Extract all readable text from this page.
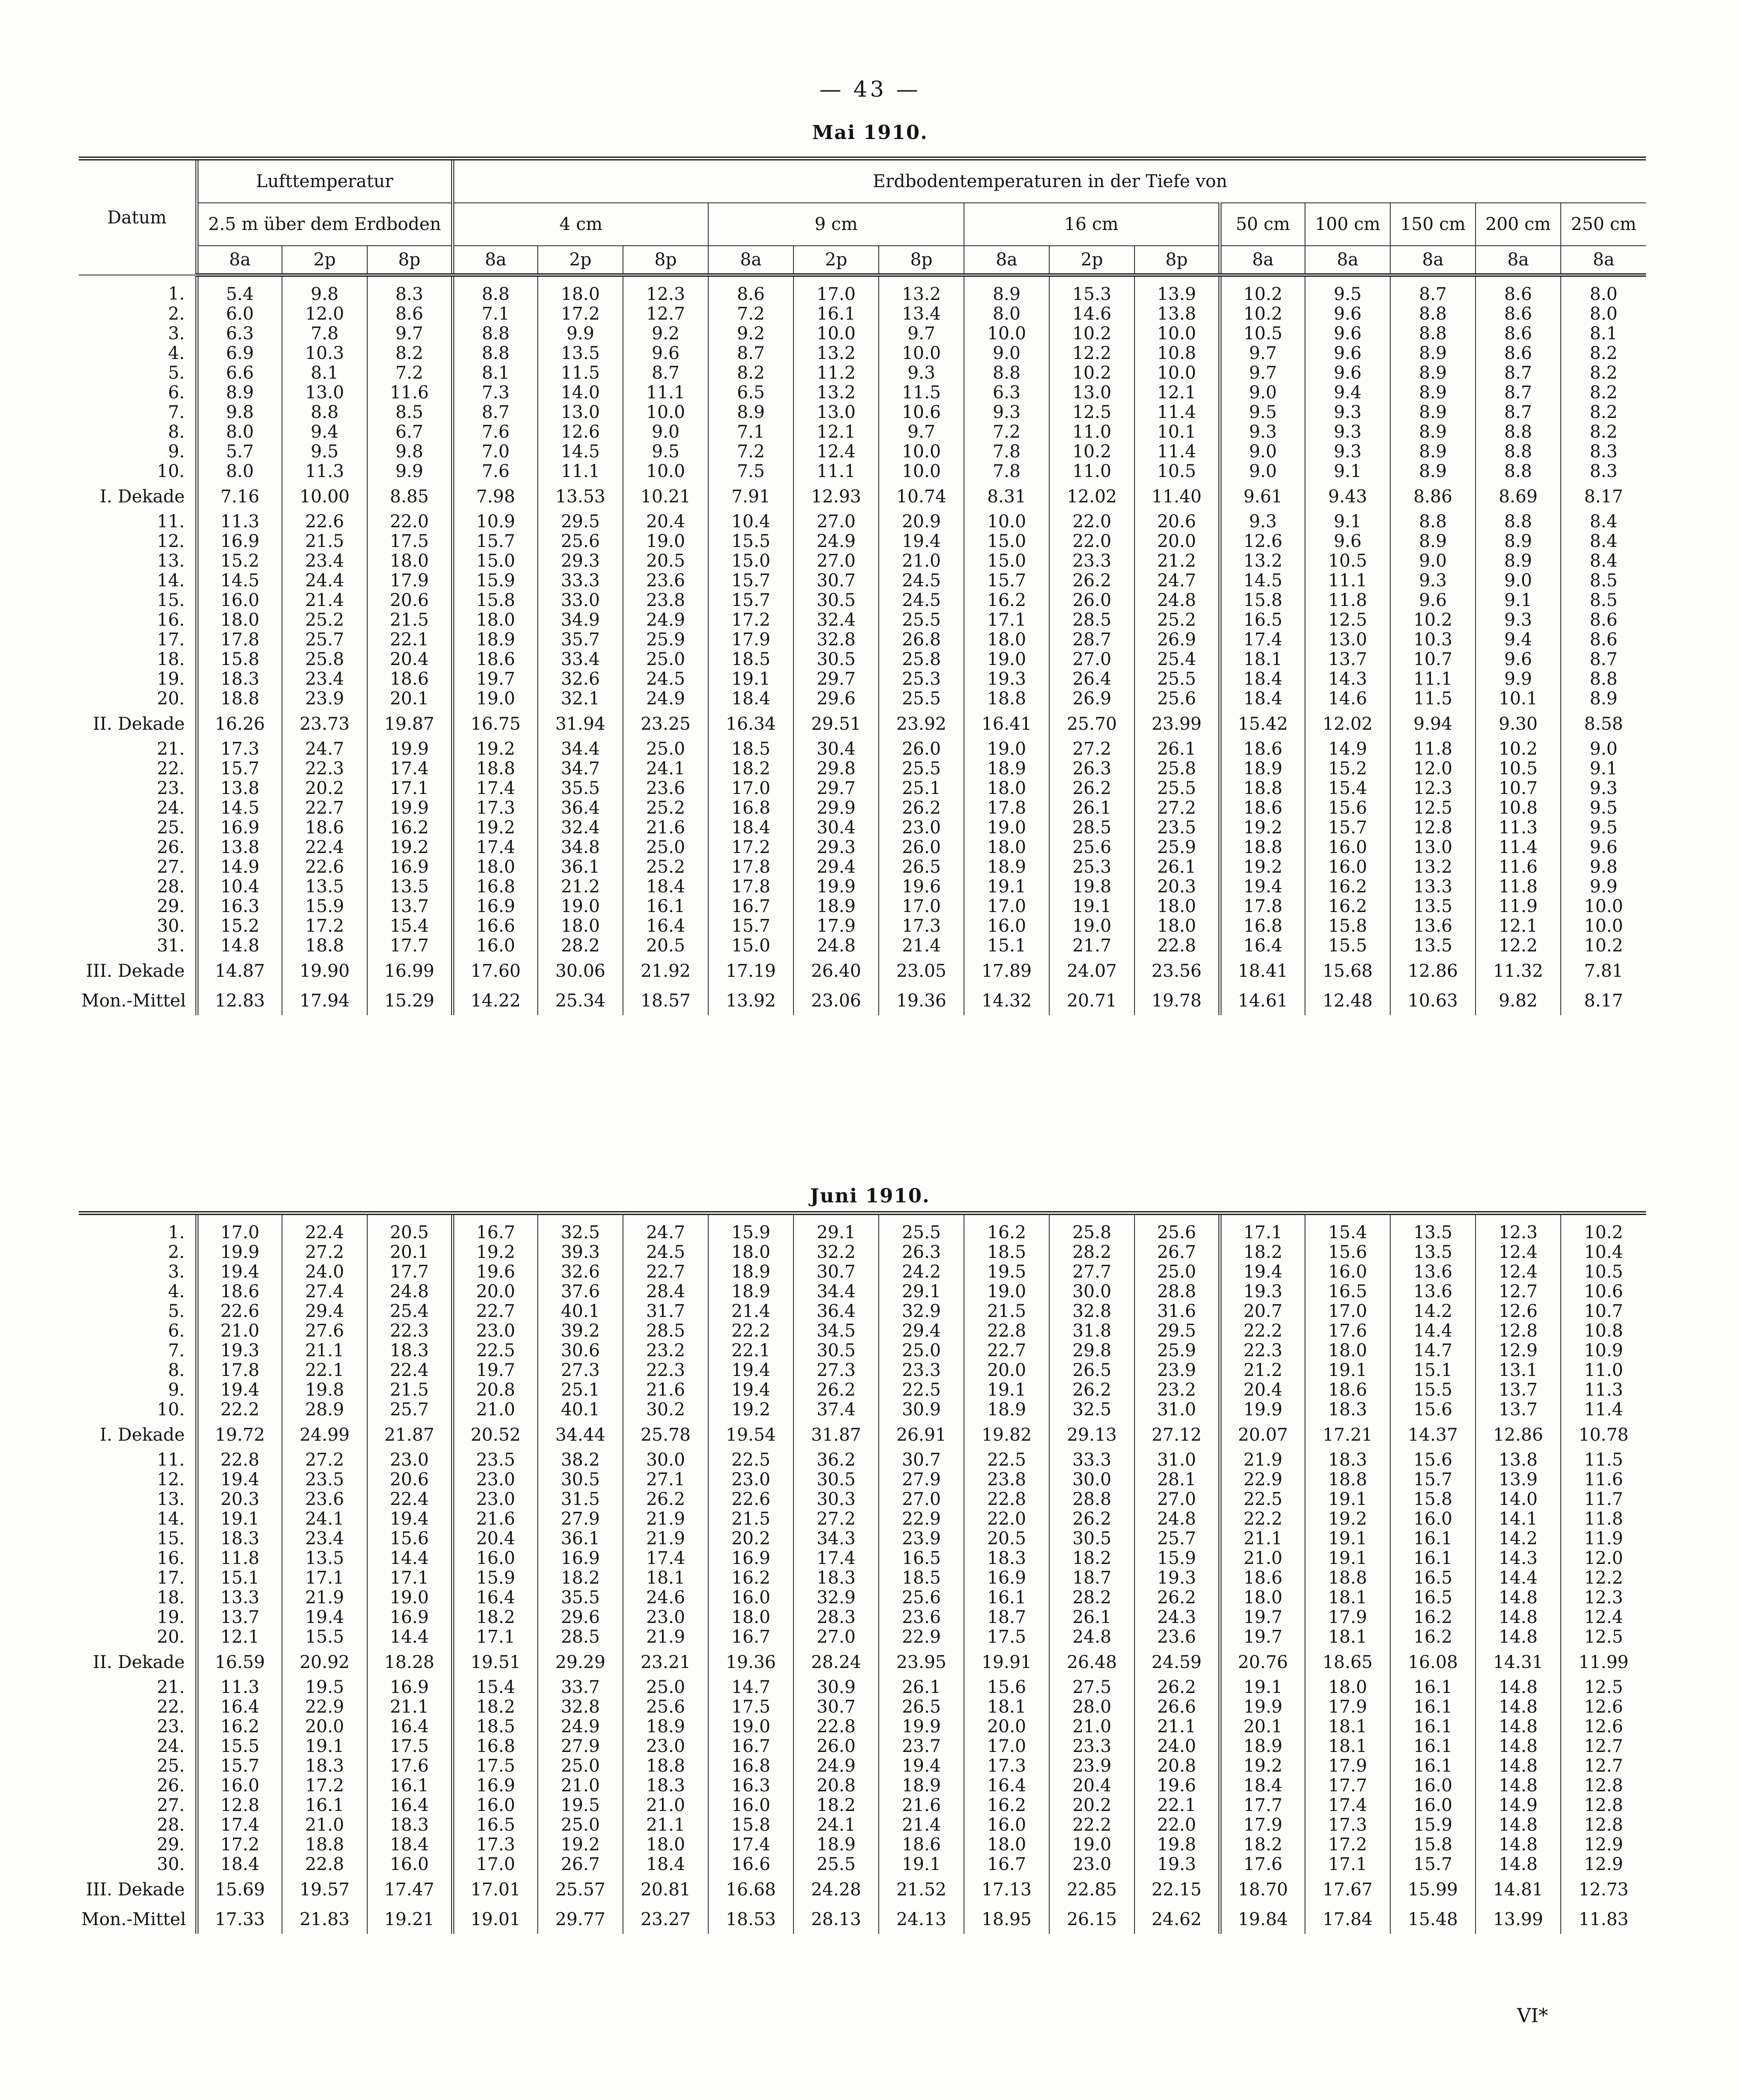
— 43 —
Mai 1910.
Datum	Lufttemperatur			Erdbodentemperaturen in der Tiefe von													
	2.5 m über dem Erdboden			4 cm			9 cm			16 cm			50 cm	100 cm	150 cm	200 cm	250 cm
	8a	2p	8p	8a	2p	8p	8a	2p	8p	8a	2p	8p	8a	8a	8a	8a	8a
1.	5.4	9.8	8.3	8.8	18.0	12.3	8.6	17.0	13.2	8.9	15.3	13.9	10.2	9.5	8.7	8.6	8.0
2.	6.0	12.0	8.6	7.1	17.2	12.7	7.2	16.1	13.4	8.0	14.6	13.8	10.2	9.6	8.8	8.6	8.0
3.	6.3	7.8	9.7	8.8	9.9	9.2	9.2	10.0	9.7	10.0	10.2	10.0	10.5	9.6	8.8	8.6	8.1
4.	6.9	10.3	8.2	8.8	13.5	9.6	8.7	13.2	10.0	9.0	12.2	10.8	9.7	9.6	8.9	8.6	8.2
5.	6.6	8.1	7.2	8.1	11.5	8.7	8.2	11.2	9.3	8.8	10.2	10.0	9.7	9.6	8.9	8.7	8.2
6.	8.9	13.0	11.6	7.3	14.0	11.1	6.5	13.2	11.5	6.3	13.0	12.1	9.0	9.4	8.9	8.7	8.2
7.	9.8	8.8	8.5	8.7	13.0	10.0	8.9	13.0	10.6	9.3	12.5	11.4	9.5	9.3	8.9	8.7	8.2
8.	8.0	9.4	6.7	7.6	12.6	9.0	7.1	12.1	9.7	7.2	11.0	10.1	9.3	9.3	8.9	8.8	8.2
9.	5.7	9.5	9.8	7.0	14.5	9.5	7.2	12.4	10.0	7.8	10.2	11.4	9.0	9.3	8.9	8.8	8.3
10.	8.0	11.3	9.9	7.6	11.1	10.0	7.5	11.1	10.0	7.8	11.0	10.5	9.0	9.1	8.9	8.8	8.3
I. Dekade	7.16	10.00	8.85	7.98	13.53	10.21	7.91	12.93	10.74	8.31	12.02	11.40	9.61	9.43	8.86	8.69	8.17
11.	11.3	22.6	22.0	10.9	29.5	20.4	10.4	27.0	20.9	10.0	22.0	20.6	9.3	9.1	8.8	8.8	8.4
12.	16.9	21.5	17.5	15.7	25.6	19.0	15.5	24.9	19.4	15.0	22.0	20.0	12.6	9.6	8.9	8.9	8.4
13.	15.2	23.4	18.0	15.0	29.3	20.5	15.0	27.0	21.0	15.0	23.3	21.2	13.2	10.5	9.0	8.9	8.4
14.	14.5	24.4	17.9	15.9	33.3	23.6	15.7	30.7	24.5	15.7	26.2	24.7	14.5	11.1	9.3	9.0	8.5
15.	16.0	21.4	20.6	15.8	33.0	23.8	15.7	30.5	24.5	16.2	26.0	24.8	15.8	11.8	9.6	9.1	8.5
16.	18.0	25.2	21.5	18.0	34.9	24.9	17.2	32.4	25.5	17.1	28.5	25.2	16.5	12.5	10.2	9.3	8.6
17.	17.8	25.7	22.1	18.9	35.7	25.9	17.9	32.8	26.8	18.0	28.7	26.9	17.4	13.0	10.3	9.4	8.6
18.	15.8	25.8	20.4	18.6	33.4	25.0	18.5	30.5	25.8	19.0	27.0	25.4	18.1	13.7	10.7	9.6	8.7
19.	18.3	23.4	18.6	19.7	32.6	24.5	19.1	29.7	25.3	19.3	26.4	25.5	18.4	14.3	11.1	9.9	8.8
20.	18.8	23.9	20.1	19.0	32.1	24.9	18.4	29.6	25.5	18.8	26.9	25.6	18.4	14.6	11.5	10.1	8.9
II. Dekade	16.26	23.73	19.87	16.75	31.94	23.25	16.34	29.51	23.92	16.41	25.70	23.99	15.42	12.02	9.94	9.30	8.58
21.	17.3	24.7	19.9	19.2	34.4	25.0	18.5	30.4	26.0	19.0	27.2	26.1	18.6	14.9	11.8	10.2	9.0
22.	15.7	22.3	17.4	18.8	34.7	24.1	18.2	29.8	25.5	18.9	26.3	25.8	18.9	15.2	12.0	10.5	9.1
23.	13.8	20.2	17.1	17.4	35.5	23.6	17.0	29.7	25.1	18.0	26.2	25.5	18.8	15.4	12.3	10.7	9.3
24.	14.5	22.7	19.9	17.3	36.4	25.2	16.8	29.9	26.2	17.8	26.1	27.2	18.6	15.6	12.5	10.8	9.5
25.	16.9	18.6	16.2	19.2	32.4	21.6	18.4	30.4	23.0	19.0	28.5	23.5	19.2	15.7	12.8	11.3	9.5
26.	13.8	22.4	19.2	17.4	34.8	25.0	17.2	29.3	26.0	18.0	25.6	25.9	18.8	16.0	13.0	11.4	9.6
27.	14.9	22.6	16.9	18.0	36.1	25.2	17.8	29.4	26.5	18.9	25.3	26.1	19.2	16.0	13.2	11.6	9.8
28.	10.4	13.5	13.5	16.8	21.2	18.4	17.8	19.9	19.6	19.1	19.8	20.3	19.4	16.2	13.3	11.8	9.9
29.	16.3	15.9	13.7	16.9	19.0	16.1	16.7	18.9	17.0	17.0	19.1	18.0	17.8	16.2	13.5	11.9	10.0
30.	15.2	17.2	15.4	16.6	18.0	16.4	15.7	17.9	17.3	16.0	19.0	18.0	16.8	15.8	13.6	12.1	10.0
31.	14.8	18.8	17.7	16.0	28.2	20.5	15.0	24.8	21.4	15.1	21.7	22.8	16.4	15.5	13.5	12.2	10.2
III. Dekade	14.87	19.90	16.99	17.60	30.06	21.92	17.19	26.40	23.05	17.89	24.07	23.56	18.41	15.68	12.86	11.32	7.81
Mon.-Mittel	12.83	17.94	15.29	14.22	25.34	18.57	13.92	23.06	19.36	14.32	20.71	19.78	14.61	12.48	10.63	9.82	8.17
Juni 1910.
1.	17.0	22.4	20.5	16.7	32.5	24.7	15.9	29.1	25.5	16.2	25.8	25.6	17.1	15.4	13.5	12.3	10.2
2.	19.9	27.2	20.1	19.2	39.3	24.5	18.0	32.2	26.3	18.5	28.2	26.7	18.2	15.6	13.5	12.4	10.4
3.	19.4	24.0	17.7	19.6	32.6	22.7	18.9	30.7	24.2	19.5	27.7	25.0	19.4	16.0	13.6	12.4	10.5
4.	18.6	27.4	24.8	20.0	37.6	28.4	18.9	34.4	29.1	19.0	30.0	28.8	19.3	16.5	13.6	12.7	10.6
5.	22.6	29.4	25.4	22.7	40.1	31.7	21.4	36.4	32.9	21.5	32.8	31.6	20.7	17.0	14.2	12.6	10.7
6.	21.0	27.6	22.3	23.0	39.2	28.5	22.2	34.5	29.4	22.8	31.8	29.5	22.2	17.6	14.4	12.8	10.8
7.	19.3	21.1	18.3	22.5	30.6	23.2	22.1	30.5	25.0	22.7	29.8	25.9	22.3	18.0	14.7	12.9	10.9
8.	17.8	22.1	22.4	19.7	27.3	22.3	19.4	27.3	23.3	20.0	26.5	23.9	21.2	19.1	15.1	13.1	11.0
9.	19.4	19.8	21.5	20.8	25.1	21.6	19.4	26.2	22.5	19.1	26.2	23.2	20.4	18.6	15.5	13.7	11.3
10.	22.2	28.9	25.7	21.0	40.1	30.2	19.2	37.4	30.9	18.9	32.5	31.0	19.9	18.3	15.6	13.7	11.4
I. Dekade	19.72	24.99	21.87	20.52	34.44	25.78	19.54	31.87	26.91	19.82	29.13	27.12	20.07	17.21	14.37	12.86	10.78
11.	22.8	27.2	23.0	23.5	38.2	30.0	22.5	36.2	30.7	22.5	33.3	31.0	21.9	18.3	15.6	13.8	11.5
12.	19.4	23.5	20.6	23.0	30.5	27.1	23.0	30.5	27.9	23.8	30.0	28.1	22.9	18.8	15.7	13.9	11.6
13.	20.3	23.6	22.4	23.0	31.5	26.2	22.6	30.3	27.0	22.8	28.8	27.0	22.5	19.1	15.8	14.0	11.7
14.	19.1	24.1	19.4	21.6	27.9	21.9	21.5	27.2	22.9	22.0	26.2	24.8	22.2	19.2	16.0	14.1	11.8
15.	18.3	23.4	15.6	20.4	36.1	21.9	20.2	34.3	23.9	20.5	30.5	25.7	21.1	19.1	16.1	14.2	11.9
16.	11.8	13.5	14.4	16.0	16.9	17.4	16.9	17.4	16.5	18.3	18.2	15.9	21.0	19.1	16.1	14.3	12.0
17.	15.1	17.1	17.1	15.9	18.2	18.1	16.2	18.3	18.5	16.9	18.7	19.3	18.6	18.8	16.5	14.4	12.2
18.	13.3	21.9	19.0	16.4	35.5	24.6	16.0	32.9	25.6	16.1	28.2	26.2	18.0	18.1	16.5	14.8	12.3
19.	13.7	19.4	16.9	18.2	29.6	23.0	18.0	28.3	23.6	18.7	26.1	24.3	19.7	17.9	16.2	14.8	12.4
20.	12.1	15.5	14.4	17.1	28.5	21.9	16.7	27.0	22.9	17.5	24.8	23.6	19.7	18.1	16.2	14.8	12.5
II. Dekade	16.59	20.92	18.28	19.51	29.29	23.21	19.36	28.24	23.95	19.91	26.48	24.59	20.76	18.65	16.08	14.31	11.99
21.	11.3	19.5	16.9	15.4	33.7	25.0	14.7	30.9	26.1	15.6	27.5	26.2	19.1	18.0	16.1	14.8	12.5
22.	16.4	22.9	21.1	18.2	32.8	25.6	17.5	30.7	26.5	18.1	28.0	26.6	19.9	17.9	16.1	14.8	12.6
23.	16.2	20.0	16.4	18.5	24.9	18.9	19.0	22.8	19.9	20.0	21.0	21.1	20.1	18.1	16.1	14.8	12.6
24.	15.5	19.1	17.5	16.8	27.9	23.0	16.7	26.0	23.7	17.0	23.3	24.0	18.9	18.1	16.1	14.8	12.7
25.	15.7	18.3	17.6	17.5	25.0	18.8	16.8	24.9	19.4	17.3	23.9	20.8	19.2	17.9	16.1	14.8	12.7
26.	16.0	17.2	16.1	16.9	21.0	18.3	16.3	20.8	18.9	16.4	20.4	19.6	18.4	17.7	16.0	14.8	12.8
27.	12.8	16.1	16.4	16.0	19.5	21.0	16.0	18.2	21.6	16.2	20.2	22.1	17.7	17.4	16.0	14.9	12.8
28.	17.4	21.0	18.3	16.5	25.0	21.1	15.8	24.1	21.4	16.0	22.2	22.0	17.9	17.3	15.9	14.8	12.8
29.	17.2	18.8	18.4	17.3	19.2	18.0	17.4	18.9	18.6	18.0	19.0	19.8	18.2	17.2	15.8	14.8	12.9
30.	18.4	22.8	16.0	17.0	26.7	18.4	16.6	25.5	19.1	16.7	23.0	19.3	17.6	17.1	15.7	14.8	12.9
III. Dekade	15.69	19.57	17.47	17.01	25.57	20.81	16.68	24.28	21.52	17.13	22.85	22.15	18.70	17.67	15.99	14.81	12.73
Mon.-Mittel	17.33	21.83	19.21	19.01	29.77	23.27	18.53	28.13	24.13	18.95	26.15	24.62	19.84	17.84	15.48	13.99	11.83
VI*
